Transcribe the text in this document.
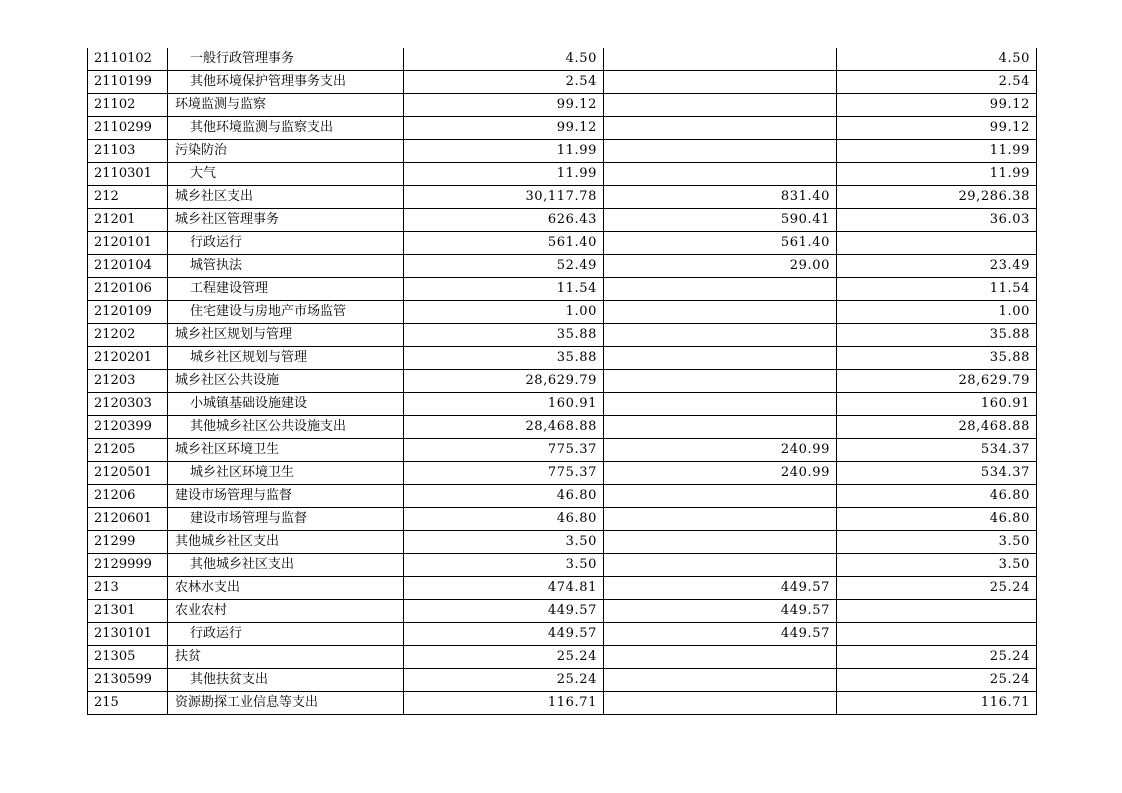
2110102	一般行政管理事务	4.50		4.50
2110199	其他环境保护管理事务支出	2.54		2.54
21102	环境监测与监察	99.12		99.12
2110299	其他环境监测与监察支出	99.12		99.12
21103	污染防治	11.99		11.99
2110301	大气	11.99		11.99
212	城乡社区支出	30,117.78	831.40	29,286.38
21201	城乡社区管理事务	626.43	590.41	36.03
2120101	行政运行	561.40	561.40	
2120104	城管执法	52.49	29.00	23.49
2120106	工程建设管理	11.54		11.54
2120109	住宅建设与房地产市场监管	1.00		1.00
21202	城乡社区规划与管理	35.88		35.88
2120201	城乡社区规划与管理	35.88		35.88
21203	城乡社区公共设施	28,629.79		28,629.79
2120303	小城镇基础设施建设	160.91		160.91
2120399	其他城乡社区公共设施支出	28,468.88		28,468.88
21205	城乡社区环境卫生	775.37	240.99	534.37
2120501	城乡社区环境卫生	775.37	240.99	534.37
21206	建设市场管理与监督	46.80		46.80
2120601	建设市场管理与监督	46.80		46.80
21299	其他城乡社区支出	3.50		3.50
2129999	其他城乡社区支出	3.50		3.50
213	农林水支出	474.81	449.57	25.24
21301	农业农村	449.57	449.57	
2130101	行政运行	449.57	449.57	
21305	扶贫	25.24		25.24
2130599	其他扶贫支出	25.24		25.24
215	资源勘探工业信息等支出	116.71		116.71
